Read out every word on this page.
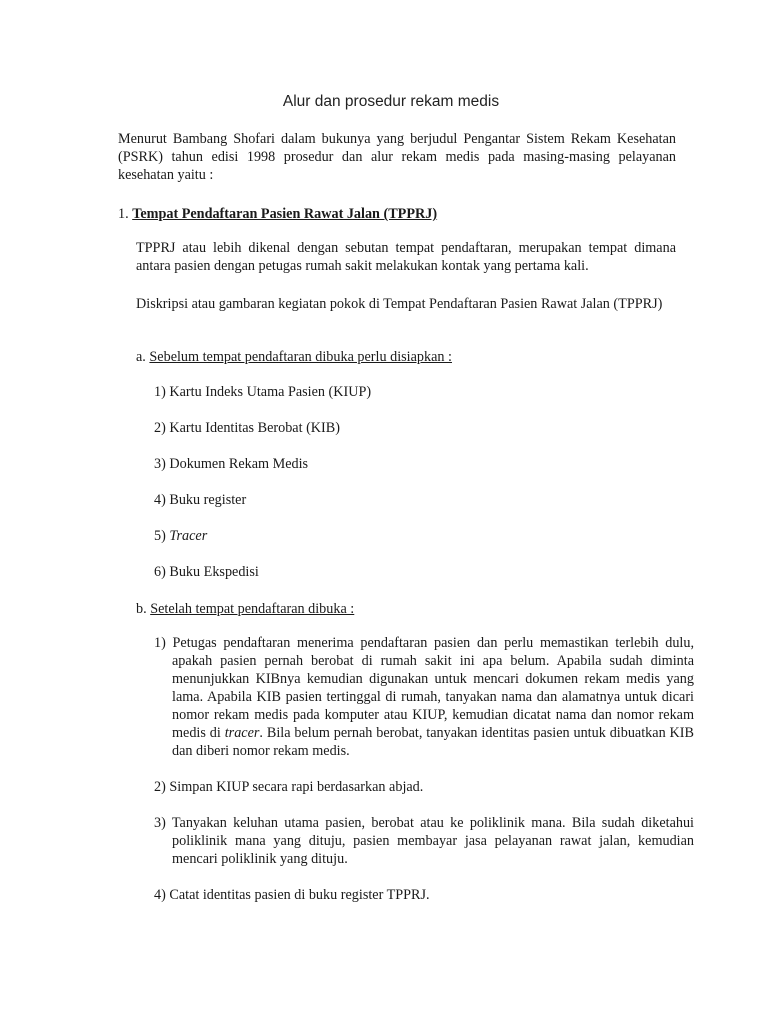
Alur dan prosedur rekam medis
Menurut Bambang Shofari dalam bukunya yang berjudul Pengantar Sistem Rekam Kesehatan (PSRK) tahun edisi 1998 prosedur dan alur rekam medis pada masing-masing pelayanan kesehatan yaitu :
1. Tempat Pendaftaran Pasien Rawat Jalan (TPPRJ)
TPPRJ atau lebih dikenal dengan sebutan tempat pendaftaran, merupakan tempat dimana antara pasien dengan petugas rumah sakit melakukan kontak yang pertama kali.
Diskripsi atau gambaran kegiatan pokok di Tempat Pendaftaran Pasien Rawat Jalan (TPPRJ)
a. Sebelum tempat pendaftaran dibuka perlu disiapkan :
1) Kartu Indeks Utama Pasien (KIUP)
2) Kartu Identitas Berobat (KIB)
3) Dokumen Rekam Medis
4) Buku register
5) Tracer
6) Buku Ekspedisi
b. Setelah tempat pendaftaran dibuka :
1) Petugas pendaftaran menerima pendaftaran pasien dan perlu memastikan terlebih dulu, apakah pasien pernah berobat di rumah sakit ini apa belum. Apabila sudah diminta menunjukkan KIBnya kemudian digunakan untuk mencari dokumen rekam medis yang lama. Apabila KIB pasien tertinggal di rumah, tanyakan nama dan alamatnya untuk dicari nomor rekam medis pada komputer atau KIUP, kemudian dicatat nama dan nomor rekam medis di tracer. Bila belum pernah berobat, tanyakan identitas pasien untuk dibuatkan KIB dan diberi nomor rekam medis.
2) Simpan KIUP secara rapi berdasarkan abjad.
3) Tanyakan keluhan utama pasien, berobat atau ke poliklinik mana. Bila sudah diketahui poliklinik mana yang dituju, pasien membayar jasa pelayanan rawat jalan, kemudian mencari poliklinik yang dituju.
4) Catat identitas pasien di buku register TPPRJ.
